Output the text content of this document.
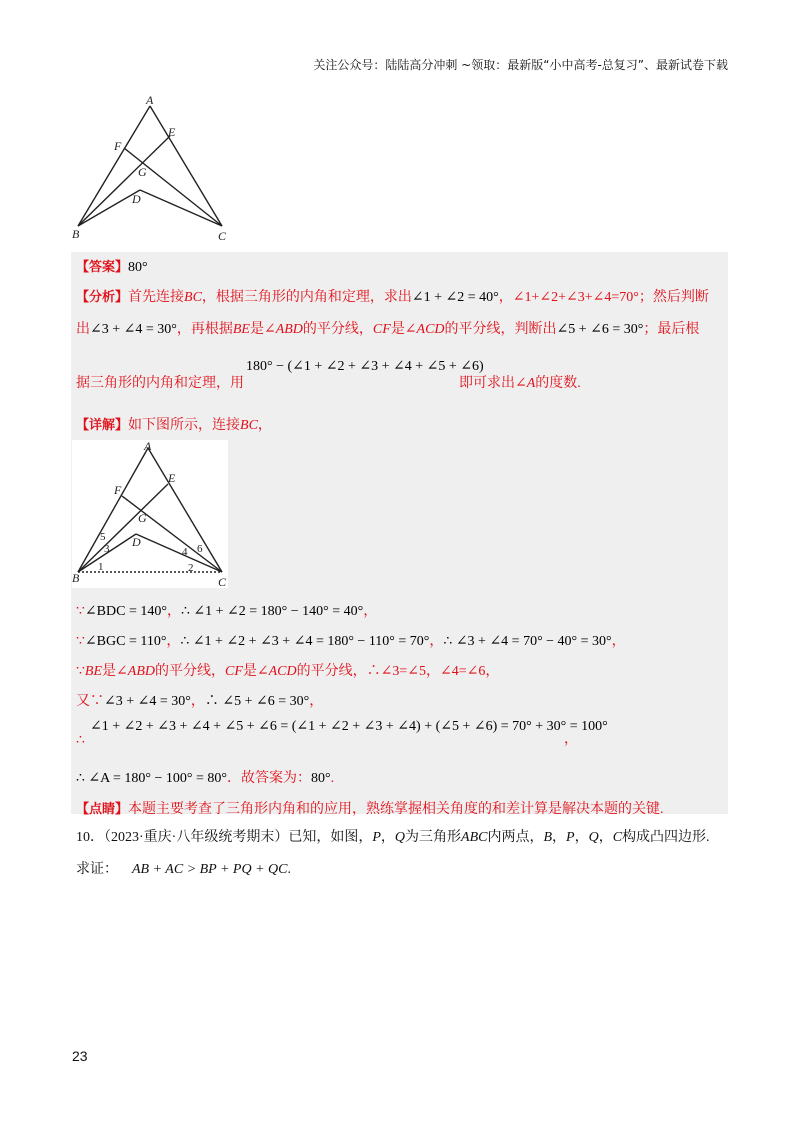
关注公众号：陆陆高分冲刺 ~领取：最新版“小中高考-总复习”、最新试卷下载
A
E
F
G
D
B	C
【答案】80°
【分析】首先连接BC，根据三角形的内角和定理，求出∠1 + ∠2 = 40°，∠1+∠2+∠3+∠4=70°；然后判断
出∠3 + ∠4 = 30°，再根据BE是∠ABD的平分线，CF是∠ACD的平分线，判断出∠5 + ∠6 = 30°；最后根
180° − (∠1 + ∠2 + ∠3 + ∠4 + ∠5 + ∠6)
据三角形的内角和定理，用	即可求出∠A的度数.
【详解】如下图所示，连接BC，
A
E
F
G
D
B	C
1	2
3	4
5
6
∵∠BDC = 140°，∴ ∠1 + ∠2 = 180° − 140° = 40°，
∵∠BGC = 110°，∴ ∠1 + ∠2 + ∠3 + ∠4 = 180° − 110° = 70°，∴ ∠3 + ∠4 = 70° − 40° = 30°，
∵BE是∠ABD的平分线，CF是∠ACD的平分线，∴∠3=∠5，∠4=∠6，
又∵∠3 + ∠4 = 30°，∴ ∠5 + ∠6 = 30°，
∠1 + ∠2 + ∠3 + ∠4 + ∠5 + ∠6 = (∠1 + ∠2 + ∠3 + ∠4) + (∠5 + ∠6) = 70° + 30° = 100°
∴	，
∴ ∠A = 180° − 100° = 80°．故答案为：80°.
【点睛】本题主要考查了三角形内角和的应用，熟练掌握相关角度的和差计算是解决本题的关键.
10．（2023·重庆·八年级统考期末）已知，如图，P，Q为三角形ABC内两点，B，P，Q，C构成凸四边形.
求证： AB + AC > BP + PQ + QC.
23
